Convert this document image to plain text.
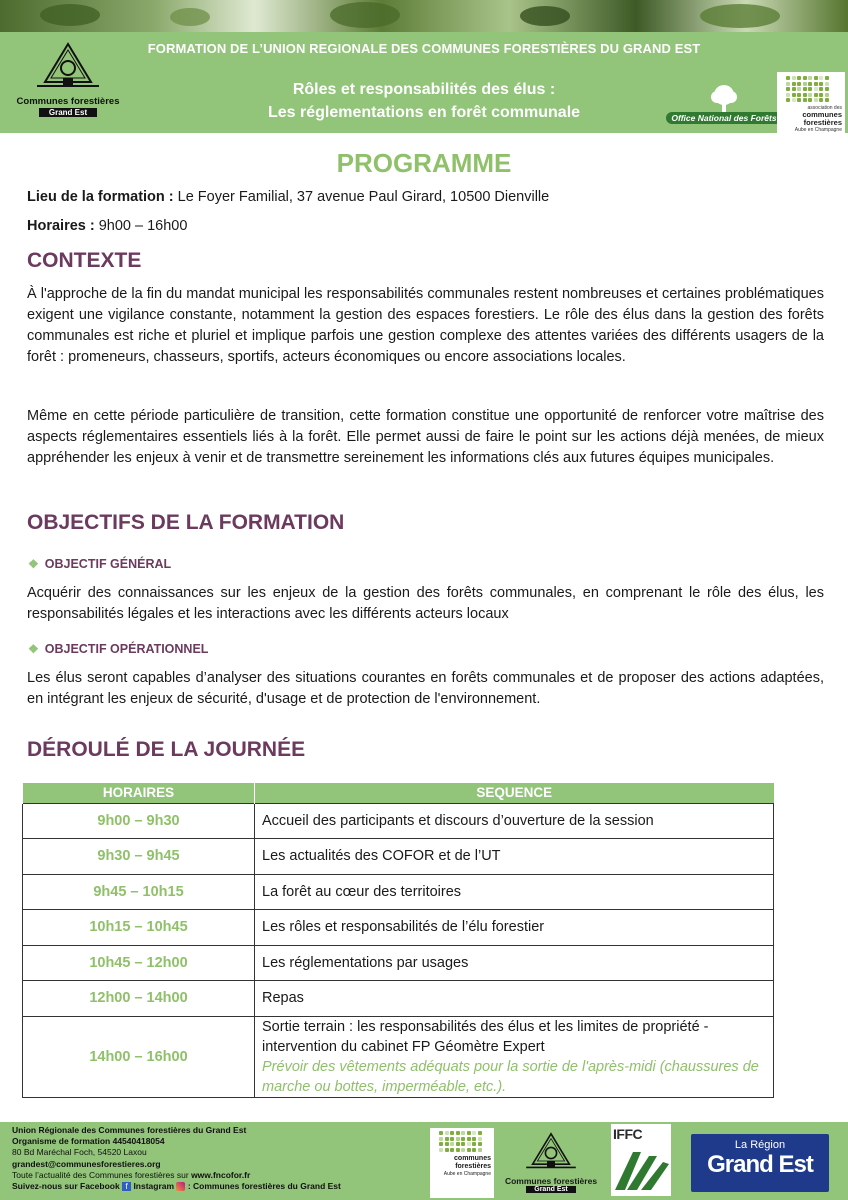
Communes forestières
Grand Est
FORMATION DE L’UNION REGIONALE DES COMMUNES FORESTIÈRES DU GRAND EST
Rôles et responsabilités des élus :
Les réglementations en forêt communale	Office National des Forêts
association des
communes
forestières
Aube en Champagne
PROGRAMME
Lieu de la formation : Le Foyer Familial, 37 avenue Paul Girard, 10500 Dienville
Horaires : 9h00 – 16h00
CONTEXTE
À l'approche de la fin du mandat municipal les responsabilités communales restent nombreuses et certaines problématiques exigent une vigilance constante, notamment la gestion des espaces forestiers. Le rôle des élus dans la gestion des forêts communales est riche et pluriel et implique parfois une gestion complexe des attentes variées des différents usagers de la forêt : promeneurs, chasseurs, sportifs, acteurs économiques ou encore associations locales.
Même en cette période particulière de transition, cette formation constitue une opportunité de renforcer votre maîtrise des aspects réglementaires essentiels liés à la forêt. Elle permet aussi de faire le point sur les actions déjà menées, de mieux appréhender les enjeux à venir et de transmettre sereinement les informations clés aux futures équipes municipales.
OBJECTIFS DE LA FORMATION
❖ OBJECTIF GÉNÉRAL
Acquérir des connaissances sur les enjeux de la gestion des forêts communales, en comprenant le rôle des élus, les responsabilités légales et les interactions avec les différents acteurs locaux
❖ OBJECTIF OPÉRATIONNEL
Les élus seront capables d’analyser des situations courantes en forêts communales et de proposer des actions adaptées, en intégrant les enjeux de sécurité, d'usage et de protection de l'environnement.
DÉROULÉ DE LA JOURNÉE
HORAIRES	SEQUENCE
9h00 – 9h30	Accueil des participants et discours d’ouverture de la session
9h30 – 9h45	Les actualités des COFOR et de l’UT
9h45 – 10h15	La forêt au cœur des territoires
10h15 – 10h45	Les rôles et responsabilités de l’élu forestier
10h45 – 12h00	Les réglementations par usages
12h00 – 14h00	Repas
14h00 – 16h00	Sortie terrain : les responsabilités des élus et les limites de propriété - intervention du cabinet FP Géomètre Expert
Prévoir des vêtements adéquats pour la sortie de l'après-midi (chaussures de marche ou bottes, imperméable, etc.).
Union Régionale des Communes forestières du Grand Est
Organisme de formation 44540418054
80 Bd Maréchal Foch, 54520 Laxou
grandest@communesforestieres.org
Toute l’actualité des Communes forestières sur www.fncofor.fr
Suivez-nous sur Facebook f Instagram  : Communes forestières du Grand Est
communes
forestières
Aube en Champagne
Communes forestières
Grand Est
IFFC
La Région
Grand Est
